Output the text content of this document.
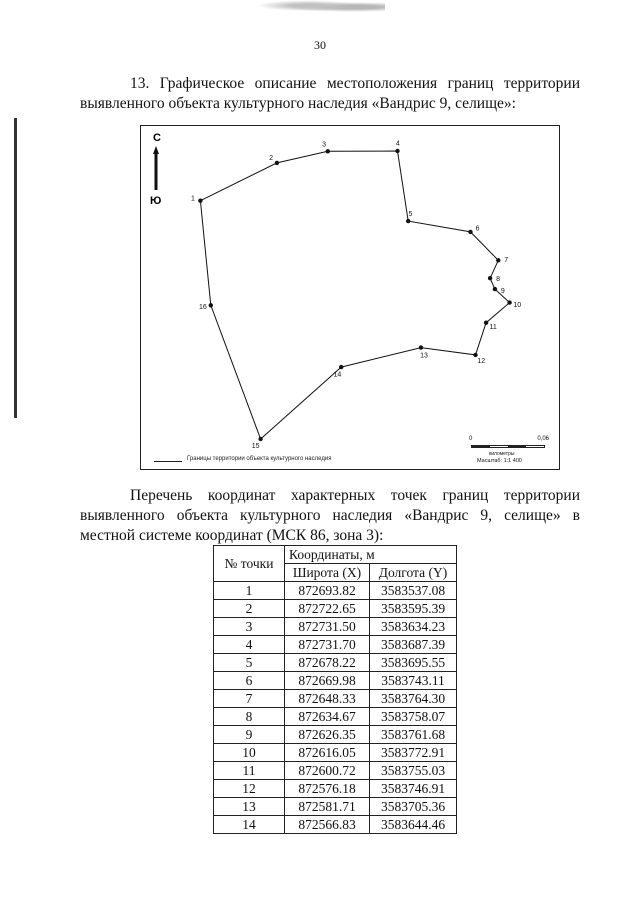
30
13. Графическое описание местоположения границ территории
выявленного объекта культурного наследия «Вандрис 9, селище»:
С
Ю	1
2
3	4
5
6
7
8
9
10
11
12
13
14
15
16
Границы территории объекта культурного наследия
0	0,06
километры
Масштаб: 1:1 400
Перечень координат характерных точек границ территории
выявленного объекта культурного наследия «Вандрис 9, селище» в
местной системе координат (МСК 86, зона 3):
№ точки	Координаты, м	
	Широта (X)	Долгота (Y)
1	872693.82	3583537.08
2	872722.65	3583595.39
3	872731.50	3583634.23
4	872731.70	3583687.39
5	872678.22	3583695.55
6	872669.98	3583743.11
7	872648.33	3583764.30
8	872634.67	3583758.07
9	872626.35	3583761.68
10	872616.05	3583772.91
11	872600.72	3583755.03
12	872576.18	3583746.91
13	872581.71	3583705.36
14	872566.83	3583644.46
